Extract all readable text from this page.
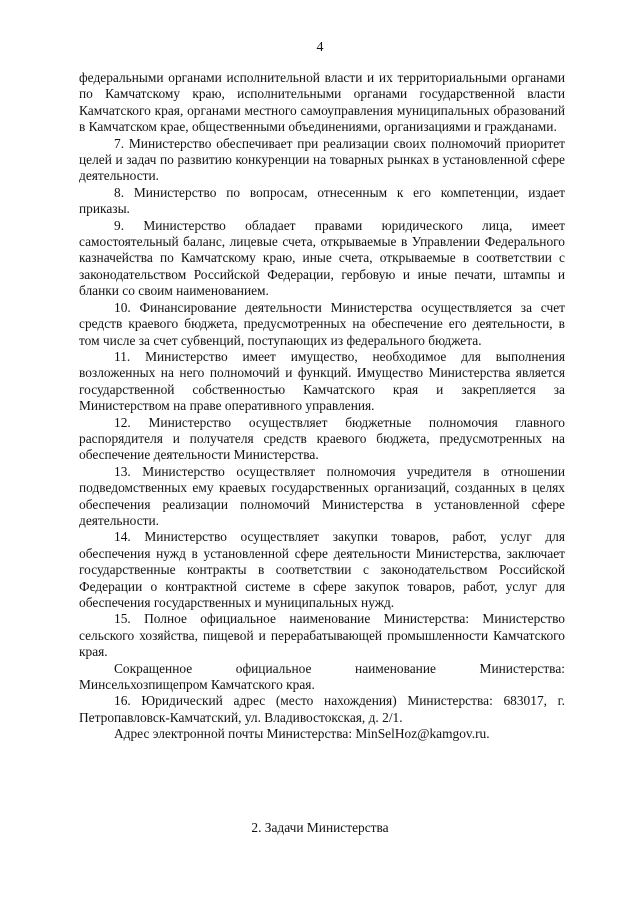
4

федеральными органами исполнительной власти и их территориальными органами по Камчатскому краю, исполнительными органами государственной власти Камчатского края, органами местного самоуправления муниципальных образований в Камчатском крае, общественными объединениями, организациями и гражданами.

7. Министерство обеспечивает при реализации своих полномочий приоритет целей и задач по развитию конкуренции на товарных рынках в установленной сфере деятельности.

8. Министерство по вопросам, отнесенным к его компетенции, издает приказы.

9. Министерство обладает правами юридического лица, имеет самостоятельный баланс, лицевые счета, открываемые в Управлении Федерального казначейства по Камчатскому краю, иные счета, открываемые в соответствии с законодательством Российской Федерации, гербовую и иные печати, штампы и бланки со своим наименованием.

10. Финансирование деятельности Министерства осуществляется за счет средств краевого бюджета, предусмотренных на обеспечение его деятельности, в том числе за счет субвенций, поступающих из федерального бюджета.

11. Министерство имеет имущество, необходимое для выполнения возложенных на него полномочий и функций. Имущество Министерства является государственной собственностью Камчатского края и закрепляется за Министерством на праве оперативного управления.

12. Министерство осуществляет бюджетные полномочия главного распорядителя и получателя средств краевого бюджета, предусмотренных на обеспечение деятельности Министерства.

13. Министерство осуществляет полномочия учредителя в отношении подведомственных ему краевых государственных организаций, созданных в целях обеспечения реализации полномочий Министерства в установленной сфере деятельности.

14. Министерство осуществляет закупки товаров, работ, услуг для обеспечения нужд в установленной сфере деятельности Министерства, заключает государственные контракты в соответствии с законодательством Российской Федерации о контрактной системе в сфере закупок товаров, работ, услуг для обеспечения государственных и муниципальных нужд.

15. Полное официальное наименование Министерства: Министерство сельского хозяйства, пищевой и перерабатывающей промышленности Камчатского края.

Сокращенное официальное наименование Министерства: Минсельхозпищепром Камчатского края.

16. Юридический адрес (место нахождения) Министерства: 683017, г. Петропавловск-Камчатский, ул. Владивостокская, д. 2/1.

Адрес электронной почты Министерства: MinSelHoz@kamgov.ru.

2. Задачи Министерства
